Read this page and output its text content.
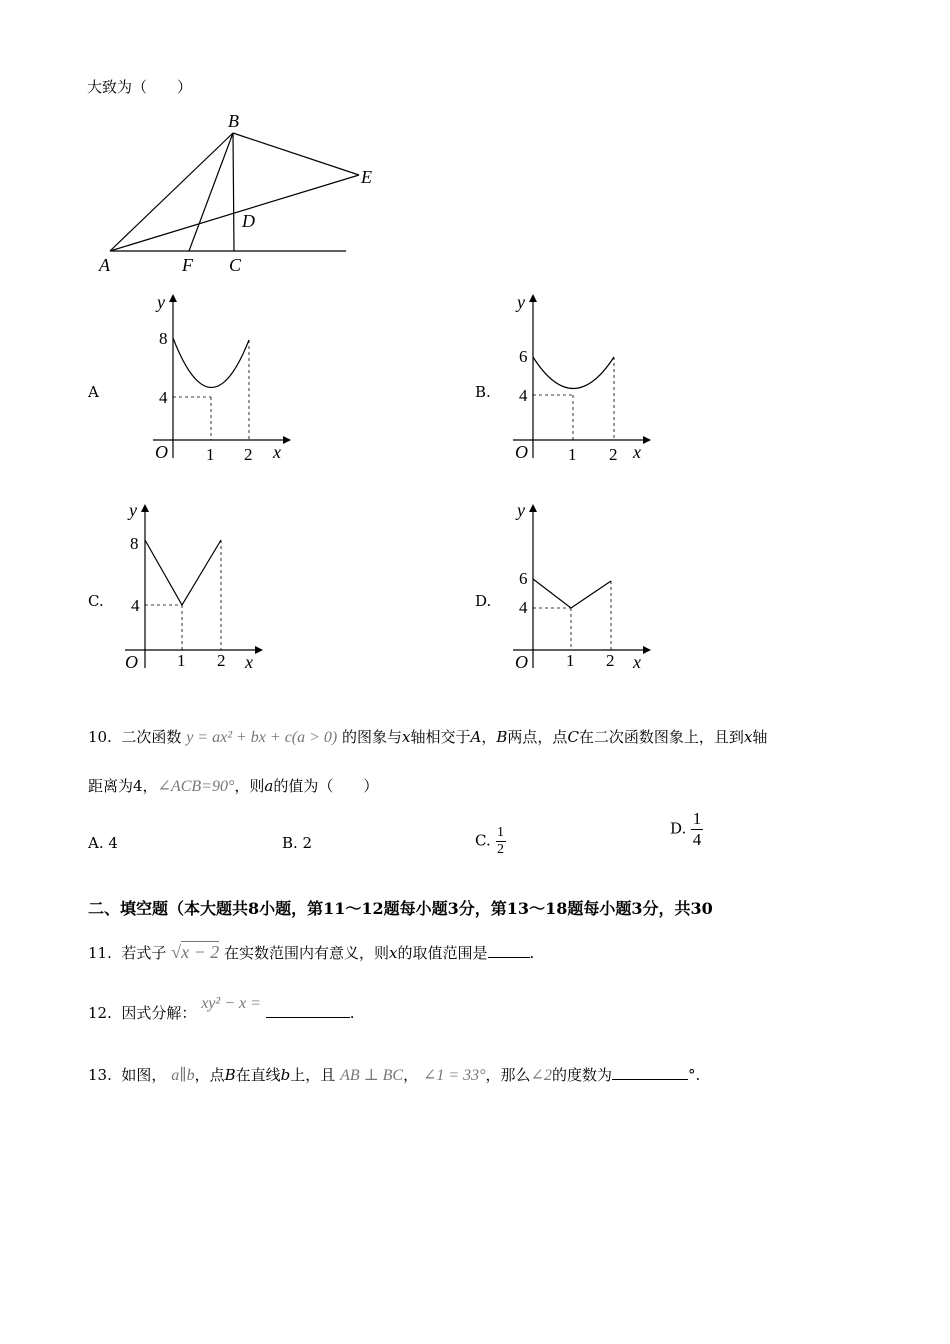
大致为（　　）
B
E
D
A	F C
A
8
4
O 1 2 x
y
B.
6
4
O 1 2 x
y
C.
8
4
O 1 2 x
y
D.
6
4
O 1 2 x
y
10. 二次函数 y = ax² + bx + c(a > 0) 的图象与x轴相交于A，B两点，点C在二次函数图象上，且到x轴
距离为4，∠ACB=90°，则a的值为（　　）
A. 4	B. 2	C. $\frac{1}{2}$	D. $\frac{1}{4}$
二、填空题（本大题共8小题，第11～12题每小题3分，第13～18题每小题3分，共30
11. 若式子 √x − 2 在实数范围内有意义，则x的取值范围是	.
12. 因式分解： xy² − x = .
13. 如图， a∥b，点B在直线b上，且 AB ⊥ BC， ∠1 = 33°，那么∠2的度数为	°.
